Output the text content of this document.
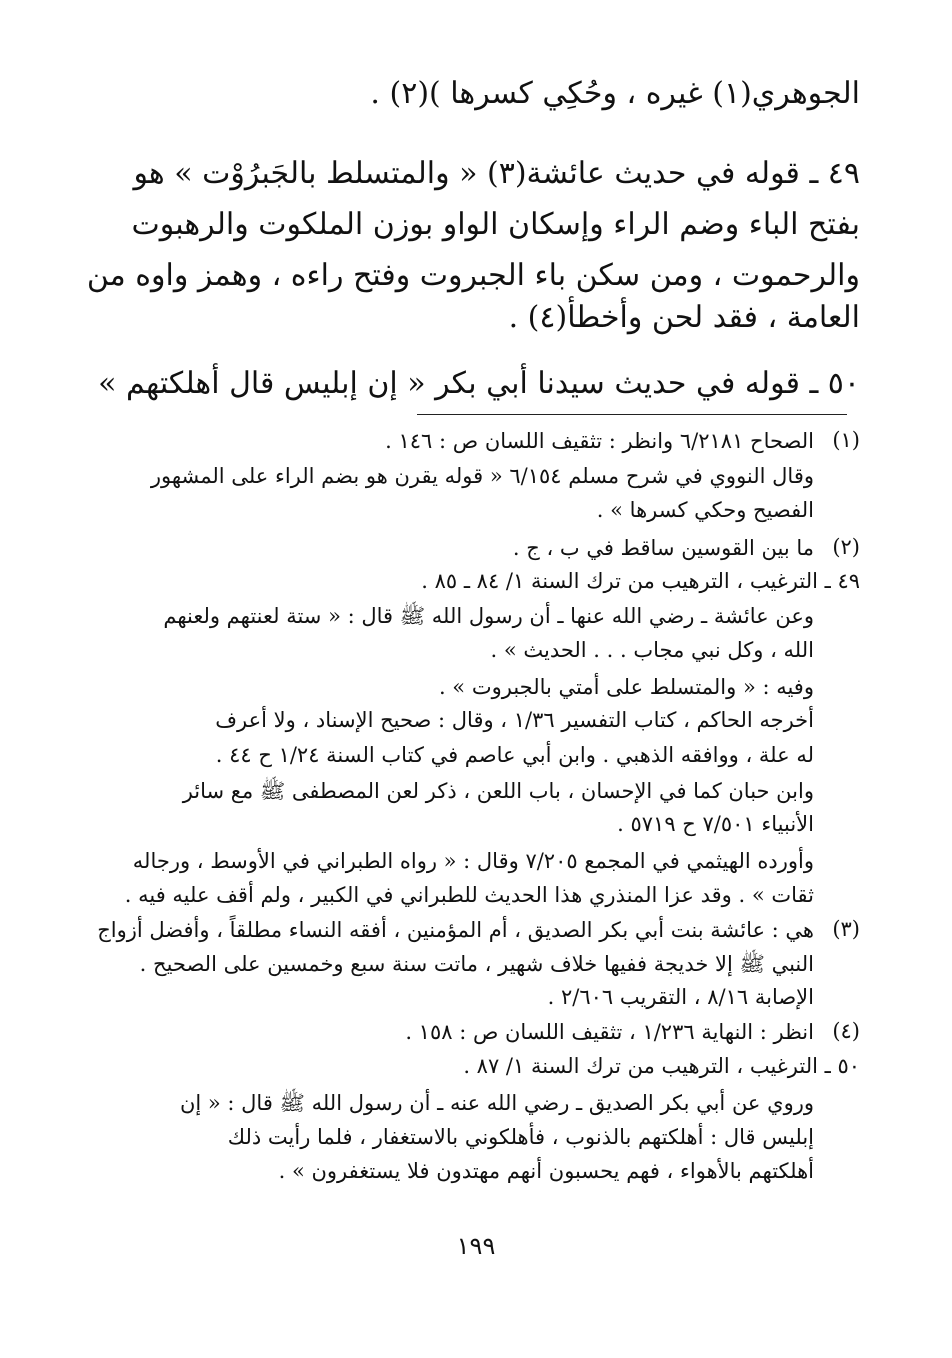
الجوهري(١) غيره ، وحُكِي كسرها )(٢) .
٤٩ ـ قوله في حديث عائشة(٣) « والمتسلط بالجَبرُوْت » هو
بفتح الباء وضم الراء وإسكان الواو بوزن الملكوت والرهبوت
والرحموت ، ومن سكن باء الجبروت وفتح راءه ، وهمز واوه من
العامة ، فقد لحن وأخطأ(٤) .
٥٠ ـ قوله في حديث سيدنا أبي بكر « إن إبليس قال أهلكتهم »
(١)
الصحاح ٦/٢١٨١ وانظر : تثقيف اللسان ص : ١٤٦ .
وقال النووي في شرح مسلم ٦/١٥٤ « قوله يقرن هو بضم الراء على المشهور
الفصيح وحكي كسرها » .
(٢)
ما بين القوسين ساقط في ب ، ج .
٤٩ ـ الترغيب ، الترهيب من ترك السنة ١/ ٨٤ ـ ٨٥ .
وعن عائشة ـ رضي الله عنها ـ أن رسول الله ﷺ قال : « ستة لعنتهم ولعنهم
الله ، وكل نبي مجاب . . . الحديث » .
وفيه : « والمتسلط على أمتي بالجبروت » .
أخرجه الحاكم ، كتاب التفسير ١/٣٦ ، وقال : صحيح الإسناد ، ولا أعرف
له علة ، ووافقه الذهبي . وابن أبي عاصم في كتاب السنة ١/٢٤ ح ٤٤ .
وابن حبان كما في الإحسان ، باب اللعن ، ذكر لعن المصطفى ﷺ مع سائر
الأنبياء ٧/٥٠١ ح ٥٧١٩ .
وأورده الهيثمي في المجمع ٧/٢٠٥ وقال : « رواه الطبراني في الأوسط ، ورجاله
ثقات » . وقد عزا المنذري هذا الحديث للطبراني في الكبير ، ولم أقف عليه فيه .
(٣)
هي : عائشة بنت أبي بكر الصديق ، أم المؤمنين ، أفقه النساء مطلقاً ، وأفضل أزواج
النبي ﷺ إلا خديجة ففيها خلاف شهير ، ماتت سنة سبع وخمسين على الصحيح .
الإصابة ٨/١٦ ، التقريب ٢/٦٠٦ .
(٤)
انظر : النهاية ١/٢٣٦ ، تثقيف اللسان ص : ١٥٨ .
٥٠ ـ الترغيب ، الترهيب من ترك السنة ١/ ٨٧ .
وروي عن أبي بكر الصديق ـ رضي الله عنه ـ أن رسول الله ﷺ قال : « إن
إبليس قال : أهلكتهم بالذنوب ، فأهلكوني بالاستغفار ، فلما رأيت ذلك
أهلكتهم بالأهواء ، فهم يحسبون أنهم مهتدون فلا يستغفرون » .
١٩٩
